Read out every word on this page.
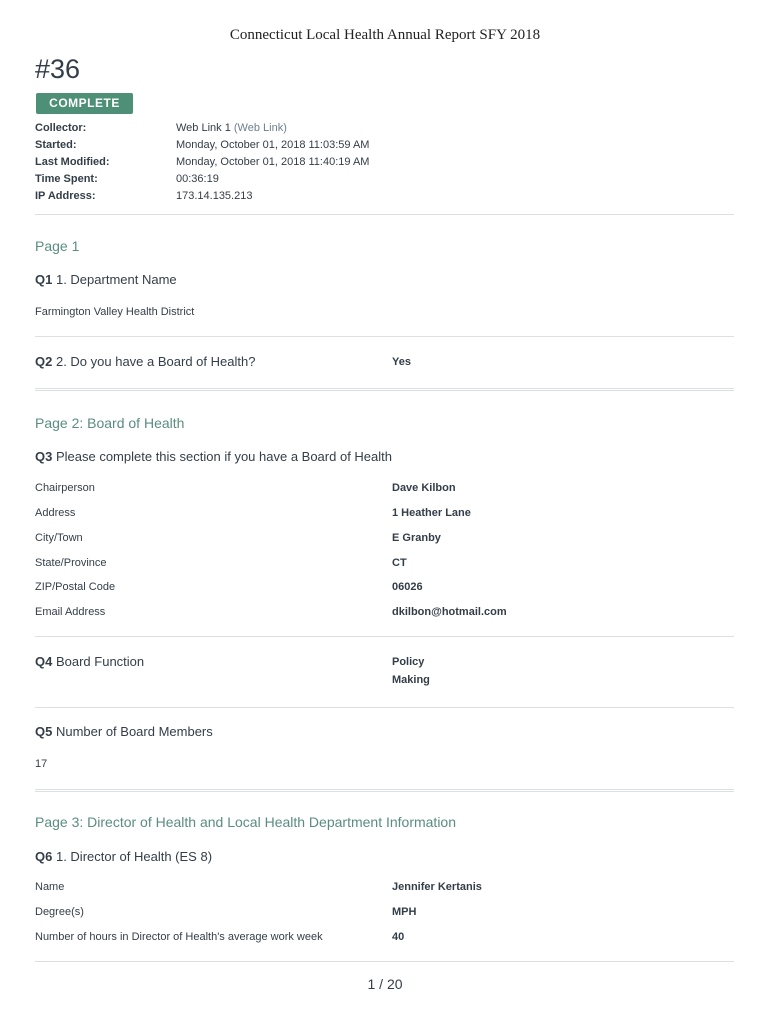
Connecticut Local Health Annual Report SFY 2018
#36
COMPLETE
Collector:	Web Link 1 (Web Link)
Started:	Monday, October 01, 2018 11:03:59 AM
Last Modified:	Monday, October 01, 2018 11:40:19 AM
Time Spent:	00:36:19
IP Address:	173.14.135.213
Page 1
Q1 1. Department Name
Farmington Valley Health District
Q2 2. Do you have a Board of Health?	Yes
Page 2: Board of Health
Q3 Please complete this section if you have a Board of Health
Chairperson	Dave Kilbon
Address	1 Heather Lane
City/Town	E Granby
State/Province	CT
ZIP/Postal Code	06026
Email Address	dkilbon@hotmail.com
Q4 Board Function	Policy
Making
Q5 Number of Board Members
17
Page 3: Director of Health and Local Health Department Information
Q6 1. Director of Health (ES 8)
Name	Jennifer Kertanis
Degree(s)	MPH
Number of hours in Director of Health's average work week	40
1 / 20
